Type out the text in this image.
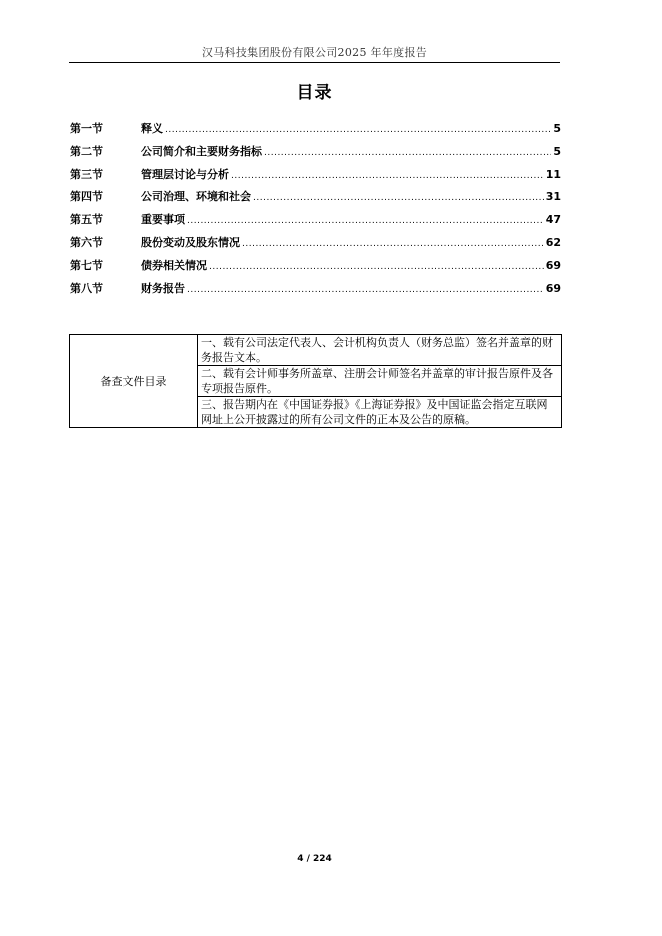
汉马科技集团股份有限公司2025 年年度报告
目录
第一节	释义 .....	5
第二节	公司简介和主要财务指标 .....	5
第三节	管理层讨论与分析 .....	11
第四节	公司治理、环境和社会 .....	31
第五节	重要事项 .....	47
第六节	股份变动及股东情况 .....	62
第七节	债券相关情况 .....	69
第八节	财务报告 .....	69
备查文件目录	一、载有公司法定代表人、会计机构负责人（财务总监）签名并盖章的财务报告文本。
二、载有会计师事务所盖章、注册会计师签名并盖章的审计报告原件及各专项报告原件。
三、报告期内在《中国证券报》《上海证券报》及中国证监会指定互联网网址上公开披露过的所有公司文件的正本及公告的原稿。
4 / 224
